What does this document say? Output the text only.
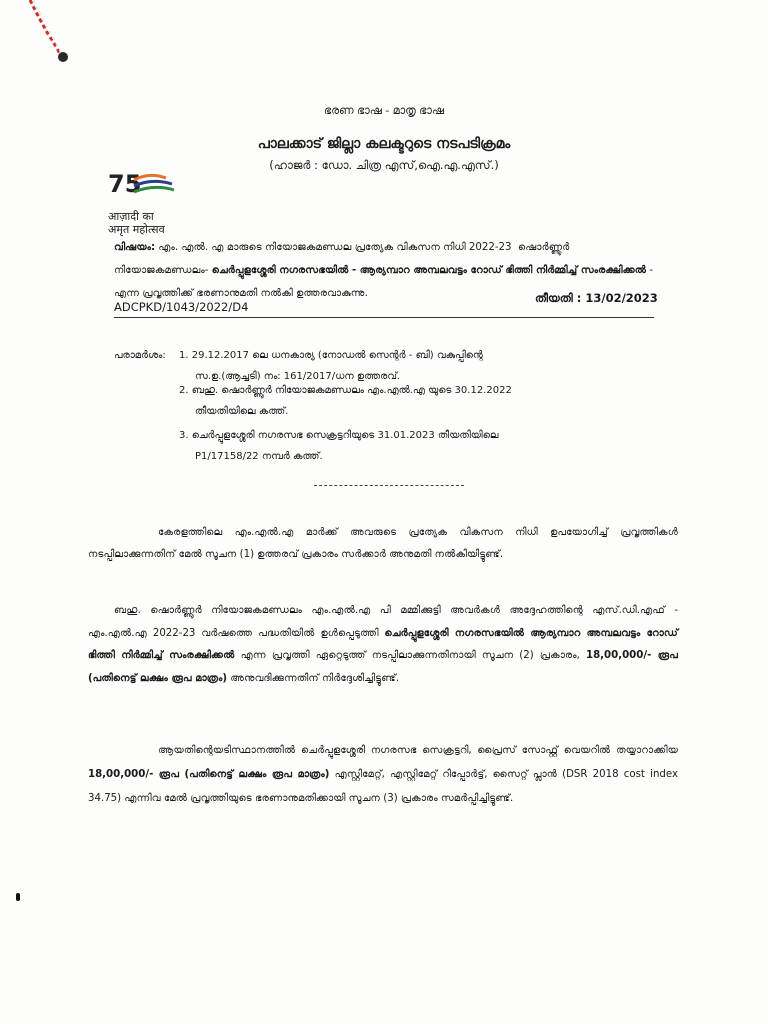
ഭരണ ഭാഷ - മാതൃ ഭാഷ
പാലക്കാട് ജില്ലാ കലക്ടറുടെ നടപടിക്രമം
(ഹാജർ : ഡോ. ചിത്ര എസ്,ഐ.എ.എസ്.)
75
आज़ादी का
अमृत महोत्सव
വിഷയം: എം. എൽ. എ മാരുടെ നിയോജകമണ്ഡല പ്രത്യേക വികസന നിധി 2022-23 ‌ ഷൊർണ്ണൂർ നിയോജകമണ്ഡലം- ചെർപ്പുളശ്ശേരി നഗരസഭയിൽ - ആര്യമ്പാറ അമ്പലവട്ടം റോഡ് ഭിത്തി നിർമ്മിച്ച് സംരക്ഷിക്കൽ - എന്ന പ്രവൃത്തിക്ക് ഭരണാനുമതി നൽകി ഉത്തരവാകുന്നു.
ADCPKD/1043/2022/D4
തീയതി : 13/02/2023
പരാമർശം: 1. 29.12.2017 ലെ ധനകാര്യ (നോഡൽ സെന്റർ - ബി) വകുപ്പിന്റെ
സ.ഉ.(ആച്ചടി) നം: 161/2017/ധന ഉത്തരവ്.
2. ബഹു. ഷൊർണ്ണൂർ നിയോജകമണ്ഡലം എം.എൽ.എ യുടെ 30.12.2022
തീയതിയിലെ കത്ത്.
3. ചെർപ്പുളശ്ശേരി നഗരസഭ സെക്രട്ടറിയുടെ 31.01.2023 തീയതിയിലെ
P1/17158/22 നമ്പർ കത്ത്.
കേരളത്തിലെ എം.എൽ.എ മാർക്ക് അവരുടെ പ്രത്യേക വികസന നിധി ഉപയോഗിച്ച് പ്രവൃത്തികൾ നടപ്പിലാക്കുന്നതിന് മേൽ സൂചന (1) ഉത്തരവ് പ്രകാരം സർക്കാർ അനുമതി നൽകിയിട്ടുണ്ട്.
ബഹു. ഷൊർണ്ണൂർ നിയോജകമണ്ഡലം എം.എൽ.എ പി മമ്മിക്കുട്ടി അവർകൾ അദ്ദേഹത്തിന്റെ എസ്.ഡി.എഫ് - എം.എൽ.എ 2022-23 വർഷത്തെ പദ്ധതിയിൽ ഉൾപ്പെടുത്തി ചെർപ്പുളശ്ശേരി നഗരസഭയിൽ ആര്യമ്പാറ അമ്പലവട്ടം റോഡ് ഭിത്തി നിർമ്മിച്ച് സംരക്ഷിക്കൽ എന്ന പ്രവൃത്തി ഏറ്റെടുത്ത് നടപ്പിലാക്കുന്നതിനായി സൂചന (2) പ്രകാരം, 18,00,000/- രൂപ (പതിനെട്ട് ലക്ഷം രൂപ മാത്രം) അനുവദിക്കുന്നതിന് നിർദ്ദേശിച്ചിട്ടുണ്ട്.
ആയതിന്റെയടിസ്ഥാനത്തിൽ ചെർപ്പുളശ്ശേരി നഗരസഭ സെക്രട്ടറി, പ്രൈസ് സോഫ്റ്റ് വെയറിൽ തയ്യാറാക്കിയ 18,00,000/- രൂപ (പതിനെട്ട് ലക്ഷം രൂപ മാത്രം) എസ്റ്റിമേറ്റ്, എസ്റ്റിമേറ്റ് റിപ്പോർട്ട്, സൈറ്റ് പ്ലാൻ (DSR 2018 cost index 34.75) എന്നിവ മേൽ പ്രവൃത്തിയുടെ ഭരണാനുമതിക്കായി സൂചന (3) പ്രകാരം സമർപ്പിച്ചിട്ടുണ്ട്.
